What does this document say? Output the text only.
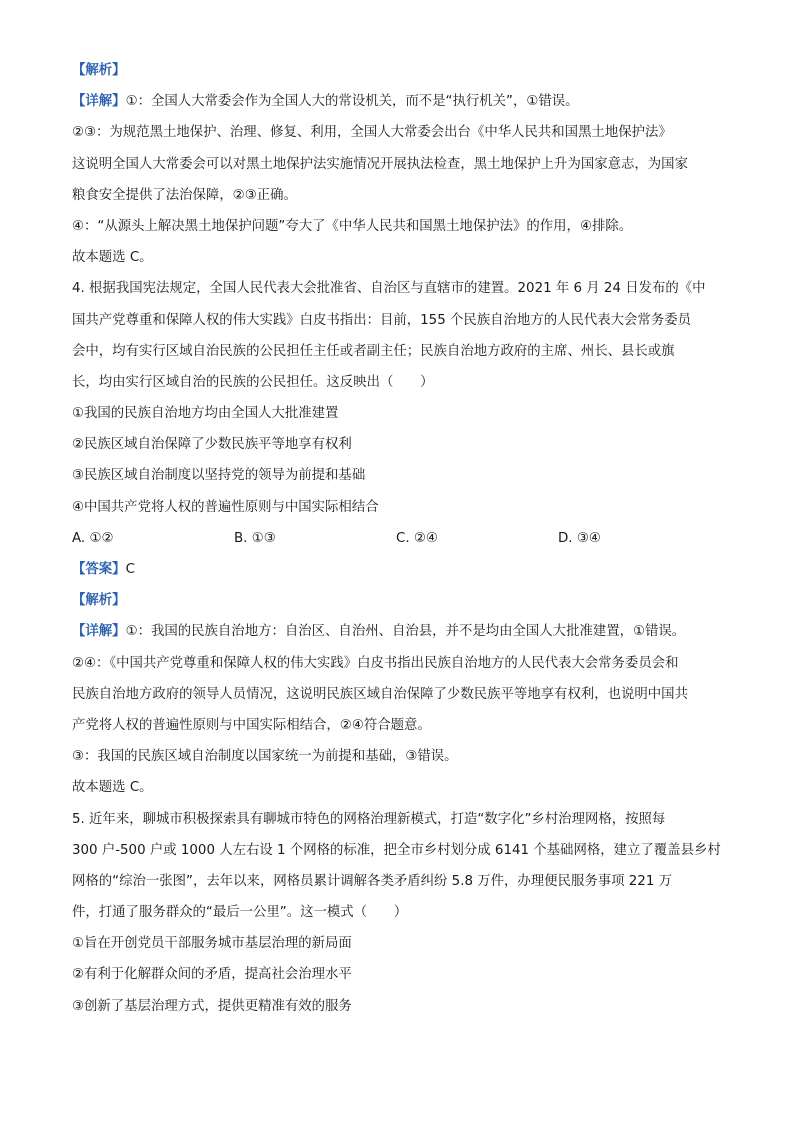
【解析】
【详解】①：全国人大常委会作为全国人大的常设机关，而不是“执行机关”，①错误。
②③：为规范黑土地保护、治理、修复、利用，全国人大常委会出台《中华人民共和国黑土地保护法》
这说明全国人大常委会可以对黑土地保护法实施情况开展执法检查，黑土地保护上升为国家意志，为国家
粮食安全提供了法治保障，②③正确。
④：“从源头上解决黑土地保护问题”夸大了《中华人民共和国黑土地保护法》的作用，④排除。
故本题选 C。
4. 根据我国宪法规定，全国人民代表大会批准省、自治区与直辖市的建置。2021 年 6 月 24 日发布的《中
国共产党尊重和保障人权的伟大实践》白皮书指出：目前，155 个民族自治地方的人民代表大会常务委员
会中，均有实行区域自治民族的公民担任主任或者副主任；民族自治地方政府的主席、州长、县长或旗
长，均由实行区域自治的民族的公民担任。这反映出（　　）
①我国的民族自治地方均由全国人大批准建置
②民族区域自治保障了少数民族平等地享有权利
③民族区域自治制度以坚持党的领导为前提和基础
④中国共产党将人权的普遍性原则与中国实际相结合
A. ①②	B. ①③	C. ②④	D. ③④
【答案】C
【解析】
【详解】①：我国的民族自治地方：自治区、自治州、自治县，并不是均由全国人大批准建置，①错误。
②④：《中国共产党尊重和保障人权的伟大实践》白皮书指出民族自治地方的人民代表大会常务委员会和
民族自治地方政府的领导人员情况，这说明民族区域自治保障了少数民族平等地享有权利，也说明中国共
产党将人权的普遍性原则与中国实际相结合，②④符合题意。
③：我国的民族区域自治制度以国家统一为前提和基础，③错误。
故本题选 C。
5. 近年来，聊城市积极探索具有聊城市特色的网格治理新模式，打造“数字化”乡村治理网格，按照每
300 户-500 户或 1000 人左右设 1 个网格的标准，把全市乡村划分成 6141 个基础网格，建立了覆盖县乡村
网格的“综治一张图”，去年以来，网格员累计调解各类矛盾纠纷 5.8 万件，办理便民服务事项 221 万
件，打通了服务群众的“最后一公里”。这一模式（　　）
①旨在开创党员干部服务城市基层治理的新局面
②有利于化解群众间的矛盾，提高社会治理水平
③创新了基层治理方式，提供更精准有效的服务
